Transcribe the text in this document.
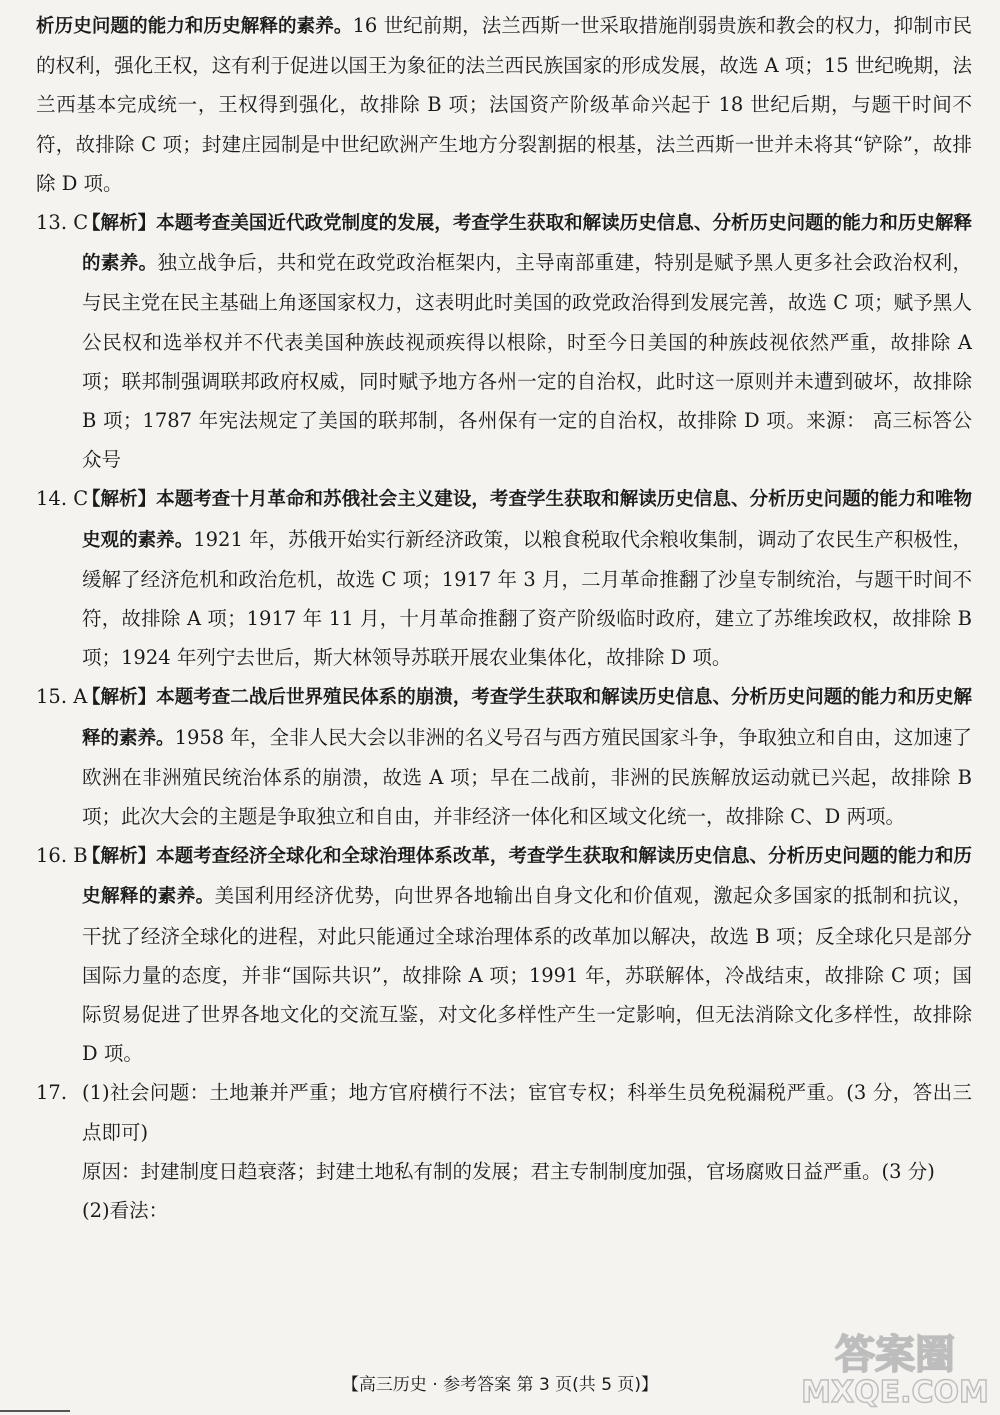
析历史问题的能力和历史解释的素养。16 世纪前期，法兰西斯一世采取措施削弱贵族和教会的权力，抑制市民的权利，强化王权，这有利于促进以国王为象征的法兰西民族国家的形成发展，故选 A 项；15 世纪晚期，法兰西基本完成统一，王权得到强化，故排除 B 项；法国资产阶级革命兴起于 18 世纪后期，与题干时间不符，故排除 C 项；封建庄园制是中世纪欧洲产生地方分裂割据的根基，法兰西斯一世并未将其“铲除”，故排除 D 项。

13. C
【解析】本题考查美国近代政党制度的发展，考查学生获取和解读历史信息、分析历史问题的能力和历史解释的素养。独立战争后，共和党在政党政治框架内，主导南部重建，特别是赋予黑人更多社会政治权利，与民主党在民主基础上角逐国家权力，这表明此时美国的政党政治得到发展完善，故选 C 项；赋予黑人公民权和选举权并不代表美国种族歧视顽疾得以根除，时至今日美国的种族歧视依然严重，故排除 A 项；联邦制强调联邦政府权威，同时赋予地方各州一定的自治权，此时这一原则并未遭到破坏，故排除 B 项；1787 年宪法规定了美国的联邦制，各州保有一定的自治权，故排除 D 项。来源： 高三标答公众号

14. C
【解析】本题考查十月革命和苏俄社会主义建设，考查学生获取和解读历史信息、分析历史问题的能力和唯物史观的素养。1921 年，苏俄开始实行新经济政策，以粮食税取代余粮收集制，调动了农民生产积极性，缓解了经济危机和政治危机，故选 C 项；1917 年 3 月，二月革命推翻了沙皇专制统治，与题干时间不符，故排除 A 项；1917 年 11 月，十月革命推翻了资产阶级临时政府，建立了苏维埃政权，故排除 B 项；1924 年列宁去世后，斯大林领导苏联开展农业集体化，故排除 D 项。

15. A
【解析】本题考查二战后世界殖民体系的崩溃，考查学生获取和解读历史信息、分析历史问题的能力和历史解释的素养。1958 年，全非人民大会以非洲的名义号召与西方殖民国家斗争，争取独立和自由，这加速了欧洲在非洲殖民统治体系的崩溃，故选 A 项；早在二战前，非洲的民族解放运动就已兴起，故排除 B 项；此次大会的主题是争取独立和自由，并非经济一体化和区域文化统一，故排除 C、D 两项。

16. B
【解析】本题考查经济全球化和全球治理体系改革，考查学生获取和解读历史信息、分析历史问题的能力和历史解释的素养。美国利用经济优势，向世界各地输出自身文化和价值观，激起众多国家的抵制和抗议，干扰了经济全球化的进程，对此只能通过全球治理体系的改革加以解决，故选 B 项；反全球化只是部分国际力量的态度，并非“国际共识”，故排除 A 项；1991 年，苏联解体，冷战结束，故排除 C 项；国际贸易促进了世界各地文化的交流互鉴，对文化多样性产生一定影响，但无法消除文化多样性，故排除 D 项。

17. (1)社会问题：土地兼并严重；地方官府横行不法；宦官专权；科举生员免税漏税严重。(3 分，答出三点即可)

原因：封建制度日趋衰落；封建土地私有制的发展；君主专制制度加强，官场腐败日益严重。(3 分)

(2)看法：

【高三历史 · 参考答案 第 3 页(共 5 页)】
答案圈
MXQE.COM
